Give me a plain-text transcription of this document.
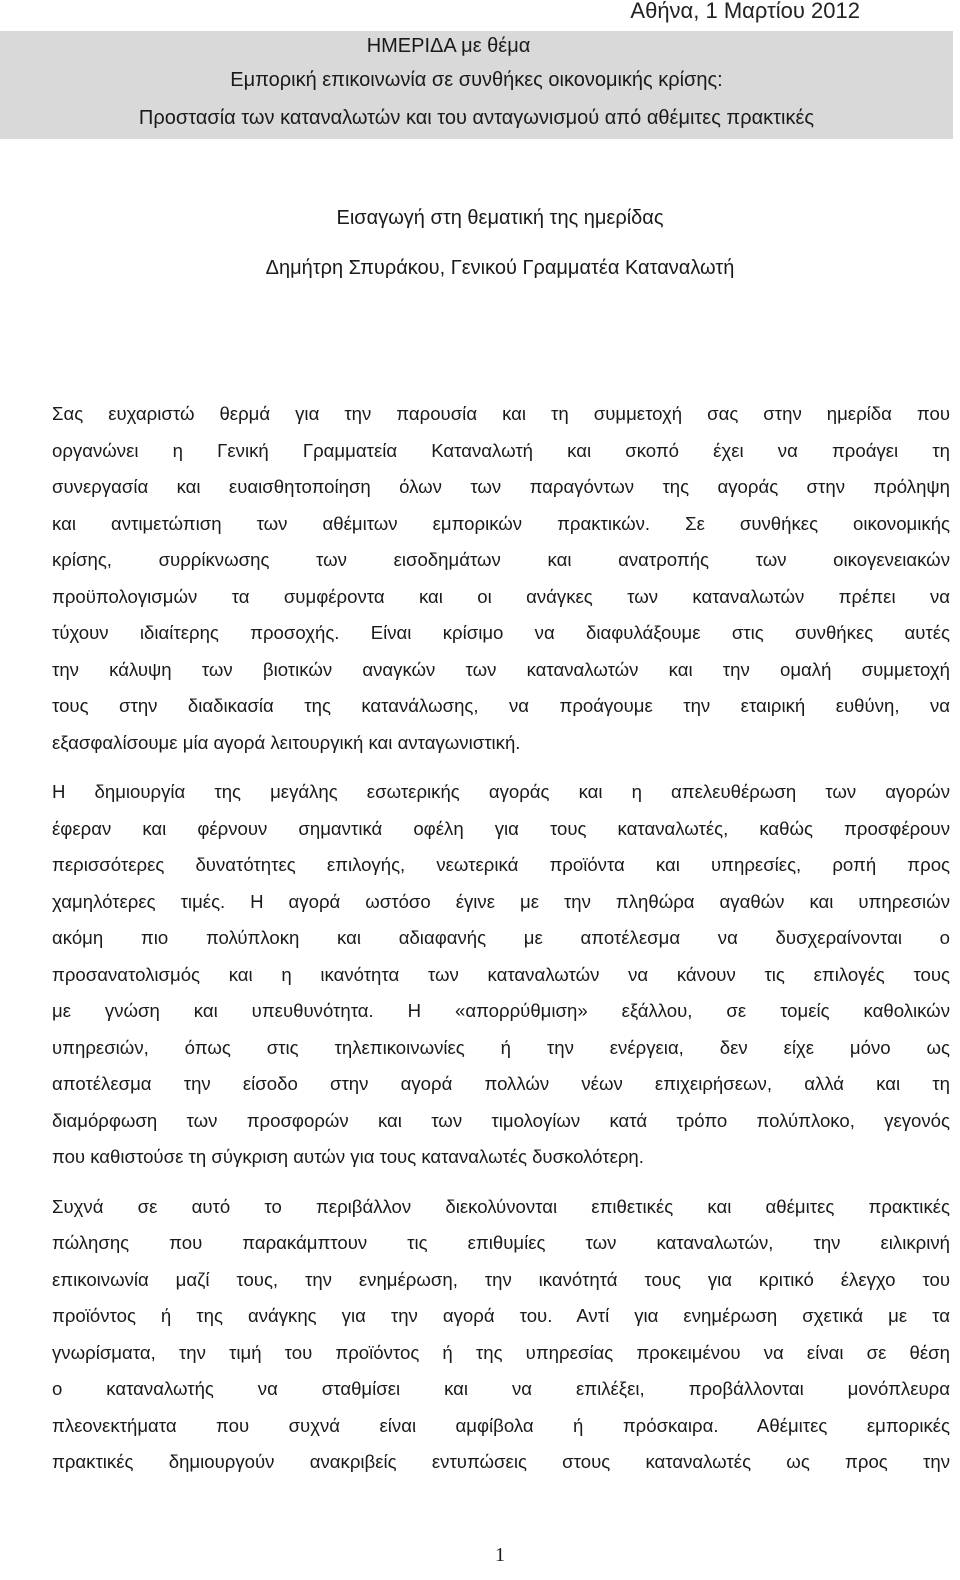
Αθήνα, 1 Μαρτίου 2012
ΗΜΕΡΙΔΑ με θέμα
Εμπορική επικοινωνία σε συνθήκες οικονομικής κρίσης:
Προστασία των καταναλωτών και του ανταγωνισμού από αθέμιτες πρακτικές
Εισαγωγή στη θεματική της ημερίδας
Δημήτρη Σπυράκου, Γενικού Γραμματέα Καταναλωτή
Σας ευχαριστώ θερμά για την παρουσία και τη συμμετοχή σας στην ημερίδα που
οργανώνει η Γενική Γραμματεία Καταναλωτή και σκοπό έχει να προάγει τη
συνεργασία και ευαισθητοποίηση όλων των παραγόντων της αγοράς στην πρόληψη
και αντιμετώπιση των αθέμιτων εμπορικών πρακτικών. Σε συνθήκες οικονομικής
κρίσης, συρρίκνωσης των εισοδημάτων και ανατροπής των οικογενειακών
προϋπολογισμών τα συμφέροντα και οι ανάγκες των καταναλωτών πρέπει να
τύχουν ιδιαίτερης προσοχής. Είναι κρίσιμο να διαφυλάξουμε στις συνθήκες αυτές
την κάλυψη των βιοτικών αναγκών των καταναλωτών και την ομαλή συμμετοχή
τους στην διαδικασία της κατανάλωσης, να προάγουμε την εταιρική ευθύνη, να
εξασφαλίσουμε μία αγορά λειτουργική και ανταγωνιστική.
Η δημιουργία της μεγάλης εσωτερικής αγοράς και η απελευθέρωση των αγορών
έφεραν και φέρνουν σημαντικά οφέλη για τους καταναλωτές, καθώς προσφέρουν
περισσότερες δυνατότητες επιλογής, νεωτερικά προϊόντα και υπηρεσίες, ροπή προς
χαμηλότερες τιμές. Η αγορά ωστόσο έγινε με την πληθώρα αγαθών και υπηρεσιών
ακόμη πιο πολύπλοκη και αδιαφανής με αποτέλεσμα να δυσχεραίνονται ο
προσανατολισμός και η ικανότητα των καταναλωτών να κάνουν τις επιλογές τους
με γνώση και υπευθυνότητα. Η «απορρύθμιση» εξάλλου, σε τομείς καθολικών
υπηρεσιών, όπως στις τηλεπικοινωνίες ή την ενέργεια, δεν είχε μόνο ως
αποτέλεσμα την είσοδο στην αγορά πολλών νέων επιχειρήσεων, αλλά και τη
διαμόρφωση των προσφορών και των τιμολογίων κατά τρόπο πολύπλοκο, γεγονός
που καθιστούσε τη σύγκριση αυτών για τους καταναλωτές δυσκολότερη.
Συχνά σε αυτό το περιβάλλον διεκολύνονται επιθετικές και αθέμιτες πρακτικές
πώλησης που παρακάμπτουν τις επιθυμίες των καταναλωτών, την ειλικρινή
επικοινωνία μαζί τους, την ενημέρωση, την ικανότητά τους για κριτικό έλεγχο του
προϊόντος ή της ανάγκης για την αγορά του. Αντί για ενημέρωση σχετικά με τα
γνωρίσματα, την τιμή του προϊόντος ή της υπηρεσίας προκειμένου να είναι σε θέση
ο καταναλωτής να σταθμίσει και να επιλέξει, προβάλλονται μονόπλευρα
πλεονεκτήματα που συχνά είναι αμφίβολα ή πρόσκαιρα. Αθέμιτες εμπορικές
πρακτικές δημιουργούν ανακριβείς εντυπώσεις στους καταναλωτές ως προς την
1
